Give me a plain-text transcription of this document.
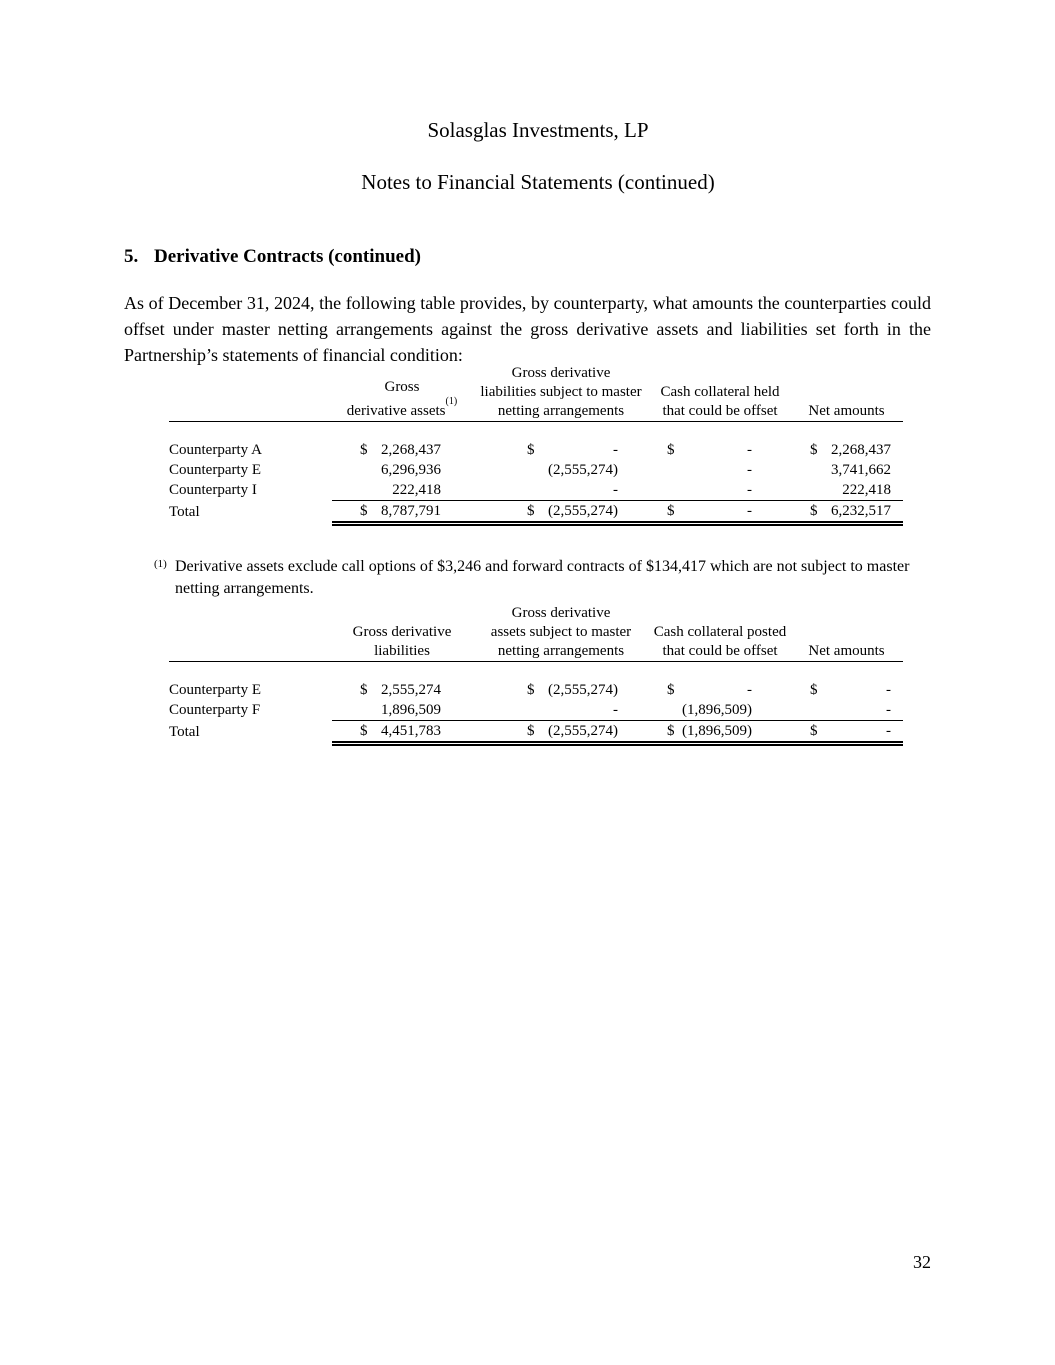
Solasglas Investments, LP
Notes to Financial Statements (continued)
5. Derivative Contracts (continued)

As of December 31, 2024, the following table provides, by counterparty, what amounts the counterparties could offset under master netting arrangements against the gross derivative assets and liabilities set forth in the Partnership’s statements of financial condition:

Gross
derivative assets$^{(1)}$

Gross derivative
liabilities subject to master
netting arrangements

Cash collateral held
that could be offset	Net amounts

Counterparty A	$ 2,268,437	$ -	$ -	$ 2,268,437

Counterparty E	6,296,936	(2,555,274)	-	3,741,662

Counterparty I	222,418	-	-	222,418

Total	$ 8,787,791	$ (2,555,274)	$ -	$ 6,232,517
(1) Derivative assets exclude call options of $3,246 and forward contracts of $134,417 which are not subject to master netting arrangements.

Gross derivative
liabilities

Gross derivative
assets subject to master
netting arrangements

Cash collateral posted
that could be offset	Net amounts

Counterparty E	$ 2,555,274	$ (2,555,274)	$ -	$ -

Counterparty F	1,896,509	-	(1,896,509)	-

Total	$ 4,451,783	$ (2,555,274)	$ (1,896,509)	$ -
32
